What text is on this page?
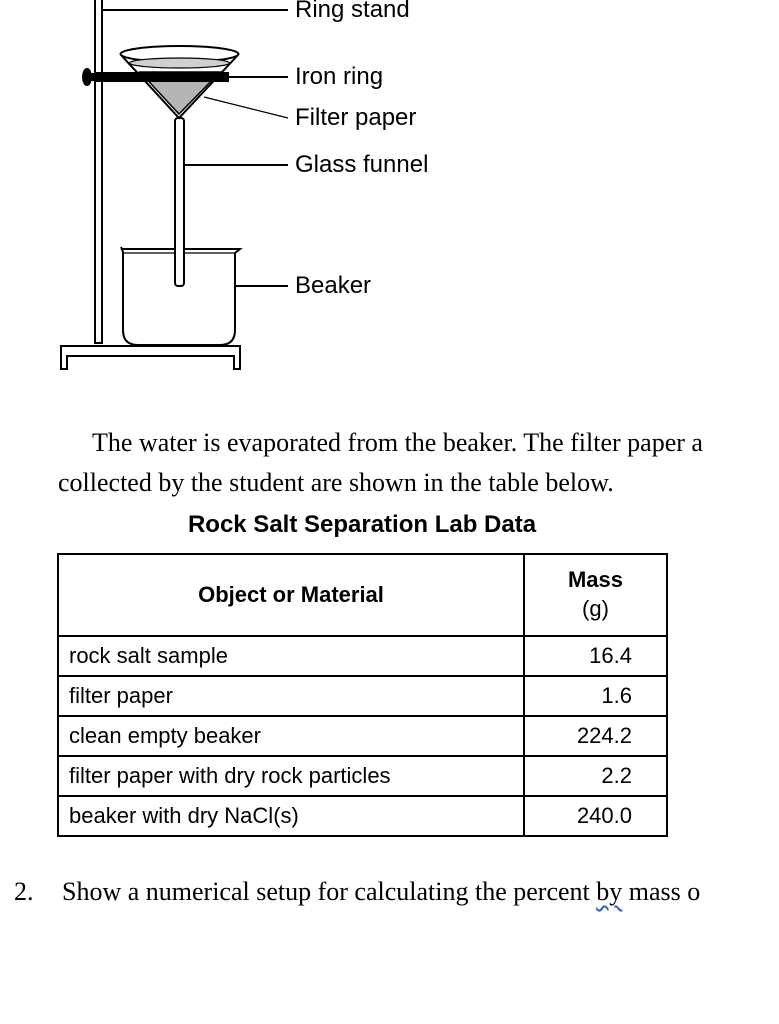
Ring stand
Iron ring
Filter paper
Glass funnel
Beaker
The water is evaporated from the beaker. The filter paper a
collected by the student are shown in the table below.
Rock Salt Separation Lab Data
Object or Material	Mass
(g)
rock salt sample	16.4
filter paper	1.6
clean empty beaker	224.2
filter paper with dry rock particles	2.2
beaker with dry NaCl(s)	240.0
2. Show a numerical setup for calculating the percent by mass o
